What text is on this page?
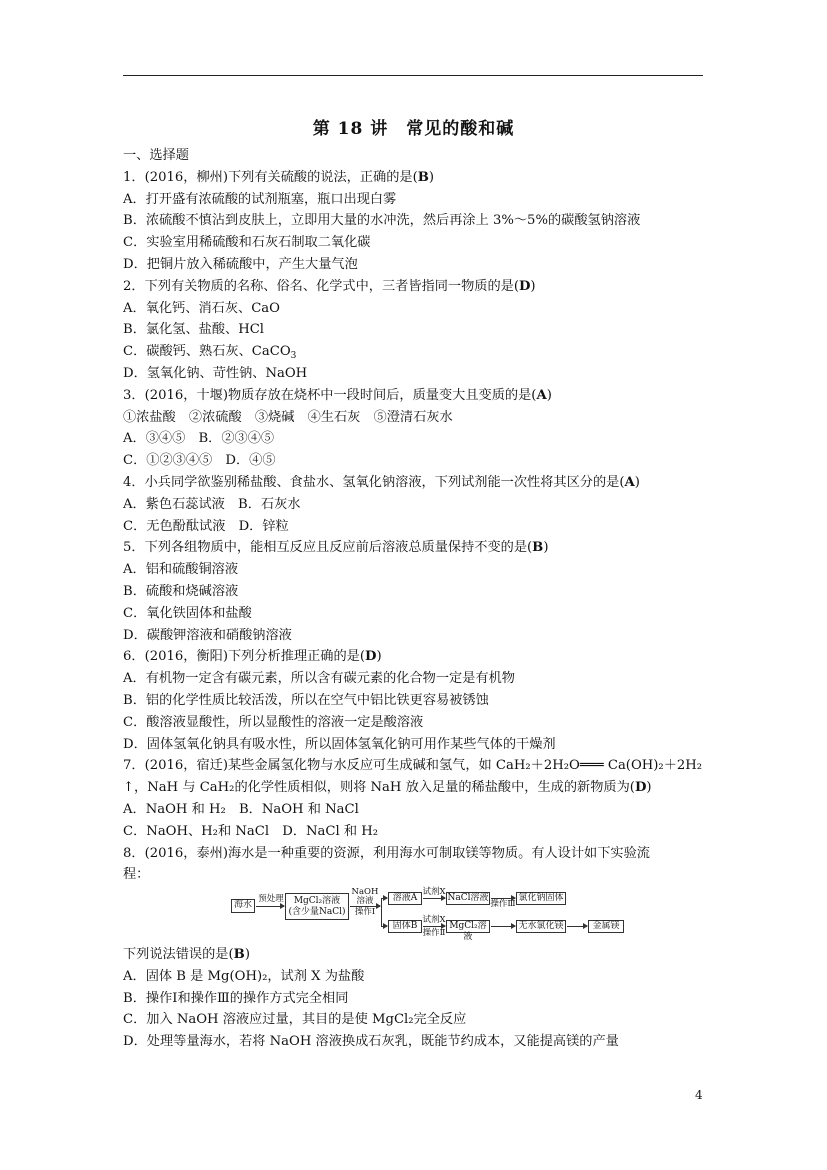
第 18 讲　常见的酸和碱
一、选择题
1．(2016，柳州)下列有关硫酸的说法，正确的是(B)
A．打开盛有浓硫酸的试剂瓶塞，瓶口出现白雾
B．浓硫酸不慎沾到皮肤上，立即用大量的水冲洗，然后再涂上 3%～5%的碳酸氢钠溶液
C．实验室用稀硫酸和石灰石制取二氧化碳
D．把铜片放入稀硫酸中，产生大量气泡
2．下列有关物质的名称、俗名、化学式中，三者皆指同一物质的是(D)
A．氧化钙、消石灰、CaO
B．氯化氢、盐酸、HCl
C．碳酸钙、熟石灰、CaCO$_3$
D．氢氧化钠、苛性钠、NaOH
3．(2016，十堰)物质存放在烧杯中一段时间后，质量变大且变质的是(A)
①浓盐酸　②浓硫酸　③烧碱　④生石灰　⑤澄清石灰水
A．③④⑤　B．②③④⑤
C．①②③④⑤　D．④⑤
4．小兵同学欲鉴别稀盐酸、食盐水、氢氧化钠溶液，下列试剂能一次性将其区分的是(A)
A．紫色石蕊试液　B．石灰水
C．无色酚酞试液　D．锌粒
5．下列各组物质中，能相互反应且反应前后溶液总质量保持不变的是(B)
A．铝和硫酸铜溶液
B．硫酸和烧碱溶液
C．氧化铁固体和盐酸
D．碳酸钾溶液和硝酸钠溶液
6．(2016，衡阳)下列分析推理正确的是(D)
A．有机物一定含有碳元素，所以含有碳元素的化合物一定是有机物
B．铝的化学性质比较活泼，所以在空气中铝比铁更容易被锈蚀
C．酸溶液显酸性，所以显酸性的溶液一定是酸溶液
D．固体氢氧化钠具有吸水性，所以固体氢氧化钠可用作某些气体的干燥剂
7．(2016，宿迁)某些金属氢化物与水反应可生成碱和氢气，如 CaH₂＋2H₂O═══ Ca(OH)₂＋2H₂
↑，NaH 与 CaH₂的化学性质相似，则将 NaH 放入足量的稀盐酸中，生成的新物质为(D)
A．NaOH 和 H₂　B．NaOH 和 NaCl
C．NaOH、H₂和 NaCl　D．NaCl 和 H₂
8．(2016，泰州)海水是一种重要的资源，利用海水可制取镁等物质。有人设计如下实验流
程：
海水
预处理	MgCl₂溶液
(含少量NaCl)
NaOH
溶液
操作Ⅰ
溶液A
试剂X
NaCl溶液
操作Ⅲ
氯化钠固体
固体B
试剂X
操作Ⅱ
MgCl₂溶液
无水氯化镁	金属镁
下列说法错误的是(B)
A．固体 B 是 Mg(OH)₂，试剂 X 为盐酸
B．操作Ⅰ和操作Ⅲ的操作方式完全相同
C．加入 NaOH 溶液应过量，其目的是使 MgCl₂完全反应
D．处理等量海水，若将 NaOH 溶液换成石灰乳，既能节约成本，又能提高镁的产量
4
